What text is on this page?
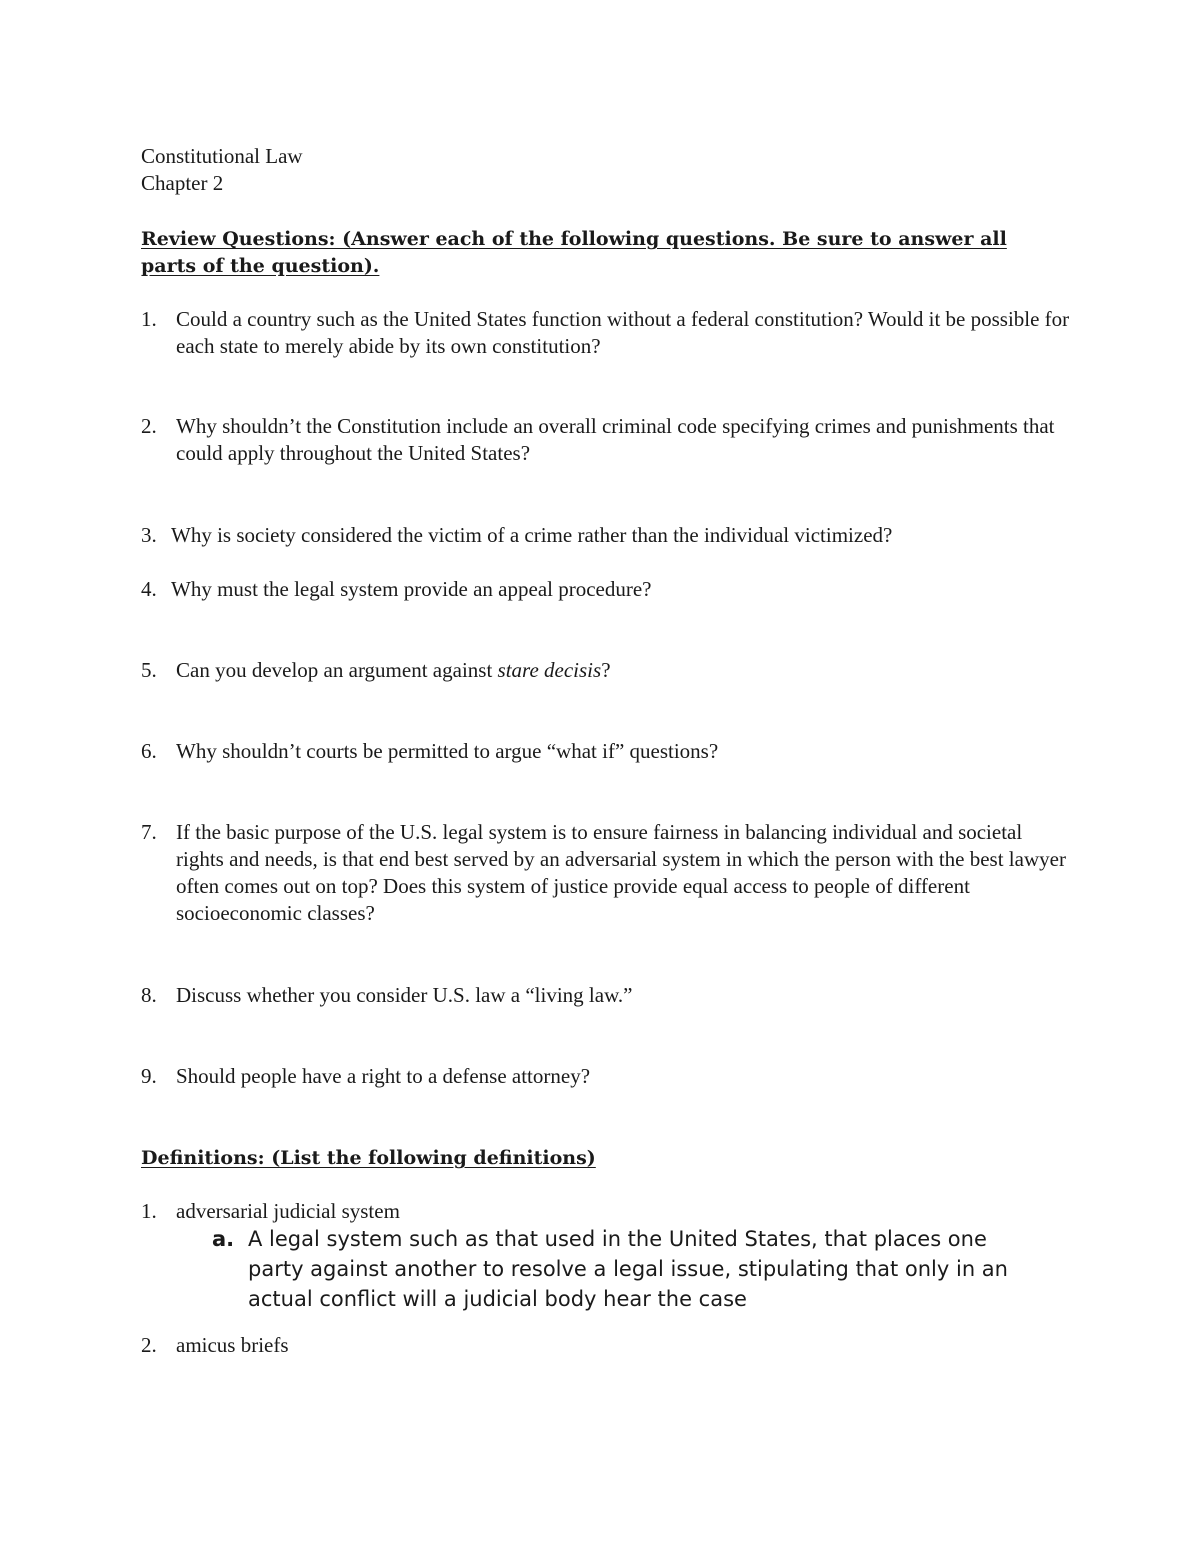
Constitutional Law
Chapter 2
Review Questions: (Answer each of the following questions. Be sure to answer all parts of the question).
1. Could a country such as the United States function without a federal constitution? Would it be possible for each state to merely abide by its own constitution?
2. Why shouldn’t the Constitution include an overall criminal code specifying crimes and punishments that could apply throughout the United States?
3. Why is society considered the victim of a crime rather than the individual victimized?
4. Why must the legal system provide an appeal procedure?
5. Can you develop an argument against stare decisis?
6. Why shouldn’t courts be permitted to argue “what if” questions?
7. If the basic purpose of the U.S. legal system is to ensure fairness in balancing individual and societal rights and needs, is that end best served by an adversarial system in which the person with the best lawyer often comes out on top? Does this system of justice provide equal access to people of different socioeconomic classes?
8. Discuss whether you consider U.S. law a “living law.”
9. Should people have a right to a defense attorney?
Definitions: (List the following definitions)
1. adversarial judicial system
a. A legal system such as that used in the United States, that places one party against another to resolve a legal issue, stipulating that only in an actual conflict will a judicial body hear the case
2. amicus briefs
